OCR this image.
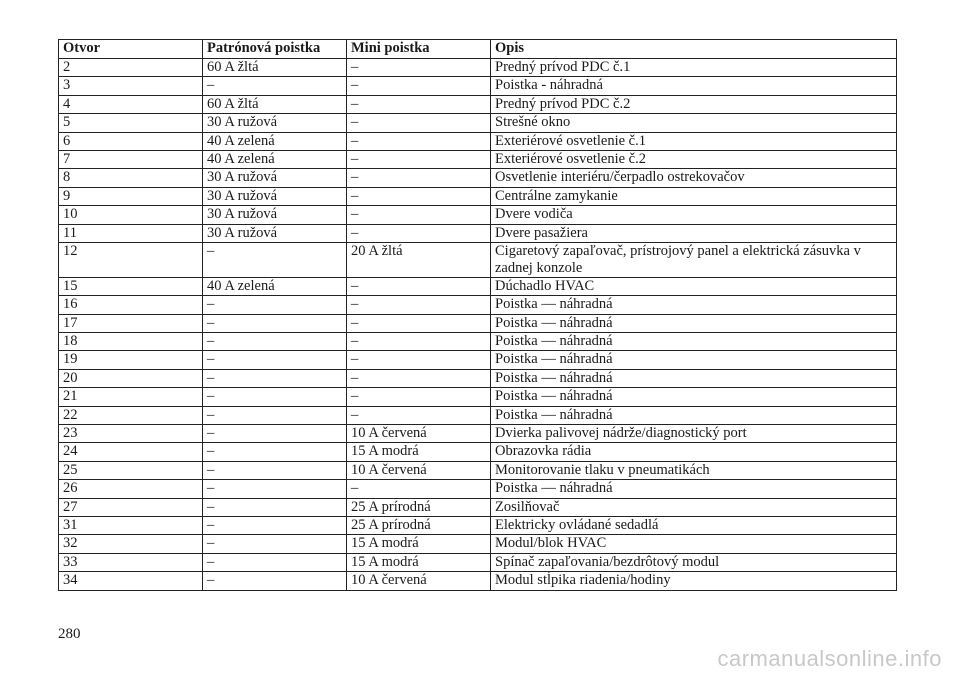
Otvor	Patrónová poistka	Mini poistka	Opis
2	60 A žltá	–	Predný prívod PDC č.1
3	–	–	Poistka - náhradná
4	60 A žltá	–	Predný prívod PDC č.2
5	30 A ružová	–	Strešné okno
6	40 A zelená	–	Exteriérové osvetlenie č.1
7	40 A zelená	–	Exteriérové osvetlenie č.2
8	30 A ružová	–	Osvetlenie interiéru/čerpadlo ostrekovačov
9	30 A ružová	–	Centrálne zamykanie
10	30 A ružová	–	Dvere vodiča
11	30 A ružová	–	Dvere pasažiera
12	–	20 A žltá	Cigaretový zapaľovač, prístrojový panel a elektrická zásuvka v zadnej konzole
15	40 A zelená	–	Dúchadlo HVAC
16	–	–	Poistka — náhradná
17	–	–	Poistka — náhradná
18	–	–	Poistka — náhradná
19	–	–	Poistka — náhradná
20	–	–	Poistka — náhradná
21	–	–	Poistka — náhradná
22	–	–	Poistka — náhradná
23	–	10 A červená	Dvierka palivovej nádrže/diagnostický port
24	–	15 A modrá	Obrazovka rádia
25	–	10 A červená	Monitorovanie tlaku v pneumatikách
26	–	–	Poistka — náhradná
27	–	25 A prírodná	Zosilňovač
31	–	25 A prírodná	Elektricky ovládané sedadlá
32	–	15 A modrá	Modul/blok HVAC
33	–	15 A modrá	Spínač zapaľovania/bezdrôtový modul
34	–	10 A červená	Modul stĺpika riadenia/hodiny
280
carmanualsonline.info
